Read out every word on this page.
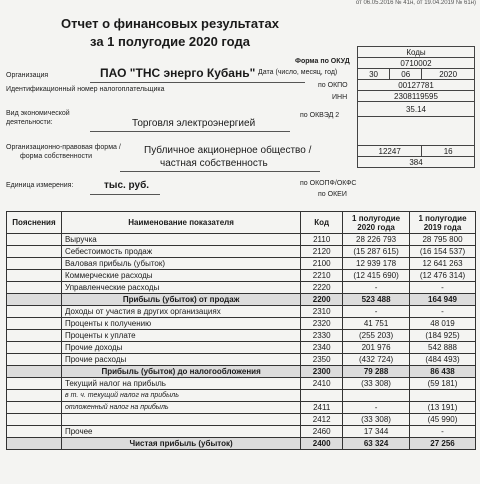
от 06.05.2016 № 41н, от 19.04.2019 № 61н)
Отчет о финансовых результатах
за 1 полугодие 2020 года
Коды		
0710002		
30	06	2020
00127781		
2308119595		
35.14		

12247		16
384		
Форма по ОКУД
Дата (число, месяц, год)
по ОКПО
ИНН
по ОКВЭД 2
по ОКОПФ/ОКФС
по ОКЕИ
Организация	ПАО "ТНС энерго Кубань"
Идентификационный номер налогоплательщика
Вид экономической
деятельности:	Торговля электроэнергией
Организационно-правовая форма /
форма собственности
Публичное акционерное общество /
частная собственность
Единица измерения:	тыс. руб.
Пояснения	Наименование показателя	Код	1 полугодие 2020 года	1 полугодие 2019 года
	Выручка	2110	28 226 793	28 795 800
	Себестоимость продаж	2120	(15 287 615)	(16 154 537)
	Валовая прибыль (убыток)	2100	12 939 178	12 641 263
	Коммерческие расходы	2210	(12 415 690)	(12 476 314)
	Управленческие расходы	2220	-	-
	Прибыль (убыток) от продаж	2200	523 488	164 949
	Доходы от участия в других организациях	2310	-	-
	Проценты к получению	2320	41 751	48 019
	Проценты к уплате	2330	(255 203)	(184 925)
	Прочие доходы	2340	201 976	542 888
	Прочие расходы	2350	(432 724)	(484 493)
	Прибыль (убыток) до налогообложения	2300	79 288	86 438
	Текущий налог на прибыль	2410	(33 308)	(59 181)
	в т. ч. текущий налог на прибыль			
	отложенный налог на прибыль	2411	-	(13 191)
		2412	(33 308)	(45 990)
	Прочее	2460	17 344	-
	Чистая прибыль (убыток)	2400	63 324	27 256
